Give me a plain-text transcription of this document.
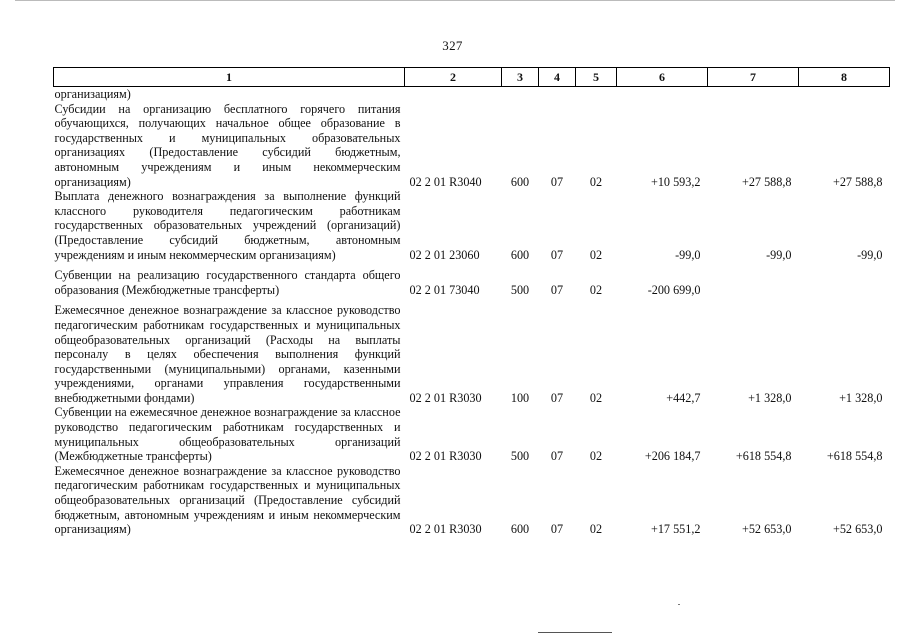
327
1	2	3	4	5	6	7	8
организациям)							
Субсидии на организацию бесплатного горячего питания обучающихся, получающих начальное общее образование в государственных и муниципальных образовательных организациях (Предоставление субсидий бюджетным, автономным учреждениям и иным некоммерческим организациям)	02 2 01 R3040	600	07	02	+10 593,2	+27 588,8	+27 588,8
Выплата денежного вознаграждения за выполнение функций классного руководителя педагогическим работникам государственных образовательных учреждений (организаций) (Предоставление субсидий бюджетным, автономным учреждениям и иным некоммерческим организациям)	02 2 01 23060	600	07	02	-99,0	-99,0	-99,0
Субвенции на реализацию государственного стандарта общего образования (Межбюджетные трансферты)	02 2 01 73040	500	07	02	-200 699,0		
Ежемесячное денежное вознаграждение за классное руководство педагогическим работникам государственных и муниципальных общеобразовательных организаций (Расходы на выплаты персоналу в целях обеспечения выполнения функций государственными (муниципальными) органами, казенными учреждениями, органами управления государственными внебюджетными фондами)	02 2 01 R3030	100	07	02	+442,7	+1 328,0	+1 328,0
Субвенции на ежемесячное денежное вознаграждение за классное руководство педагогическим работникам государственных и муниципальных общеобразовательных организаций (Межбюджетные трансферты)	02 2 01 R3030	500	07	02	+206 184,7	+618 554,8	+618 554,8
Ежемесячное денежное вознаграждение за классное руководство педагогическим работникам государственных и муниципальных общеобразовательных организаций (Предоставление субсидий бюджетным, автономным учреждениям и иным некоммерческим организациям)	02 2 01 R3030	600	07	02	+17 551,2	+52 653,0	+52 653,0
